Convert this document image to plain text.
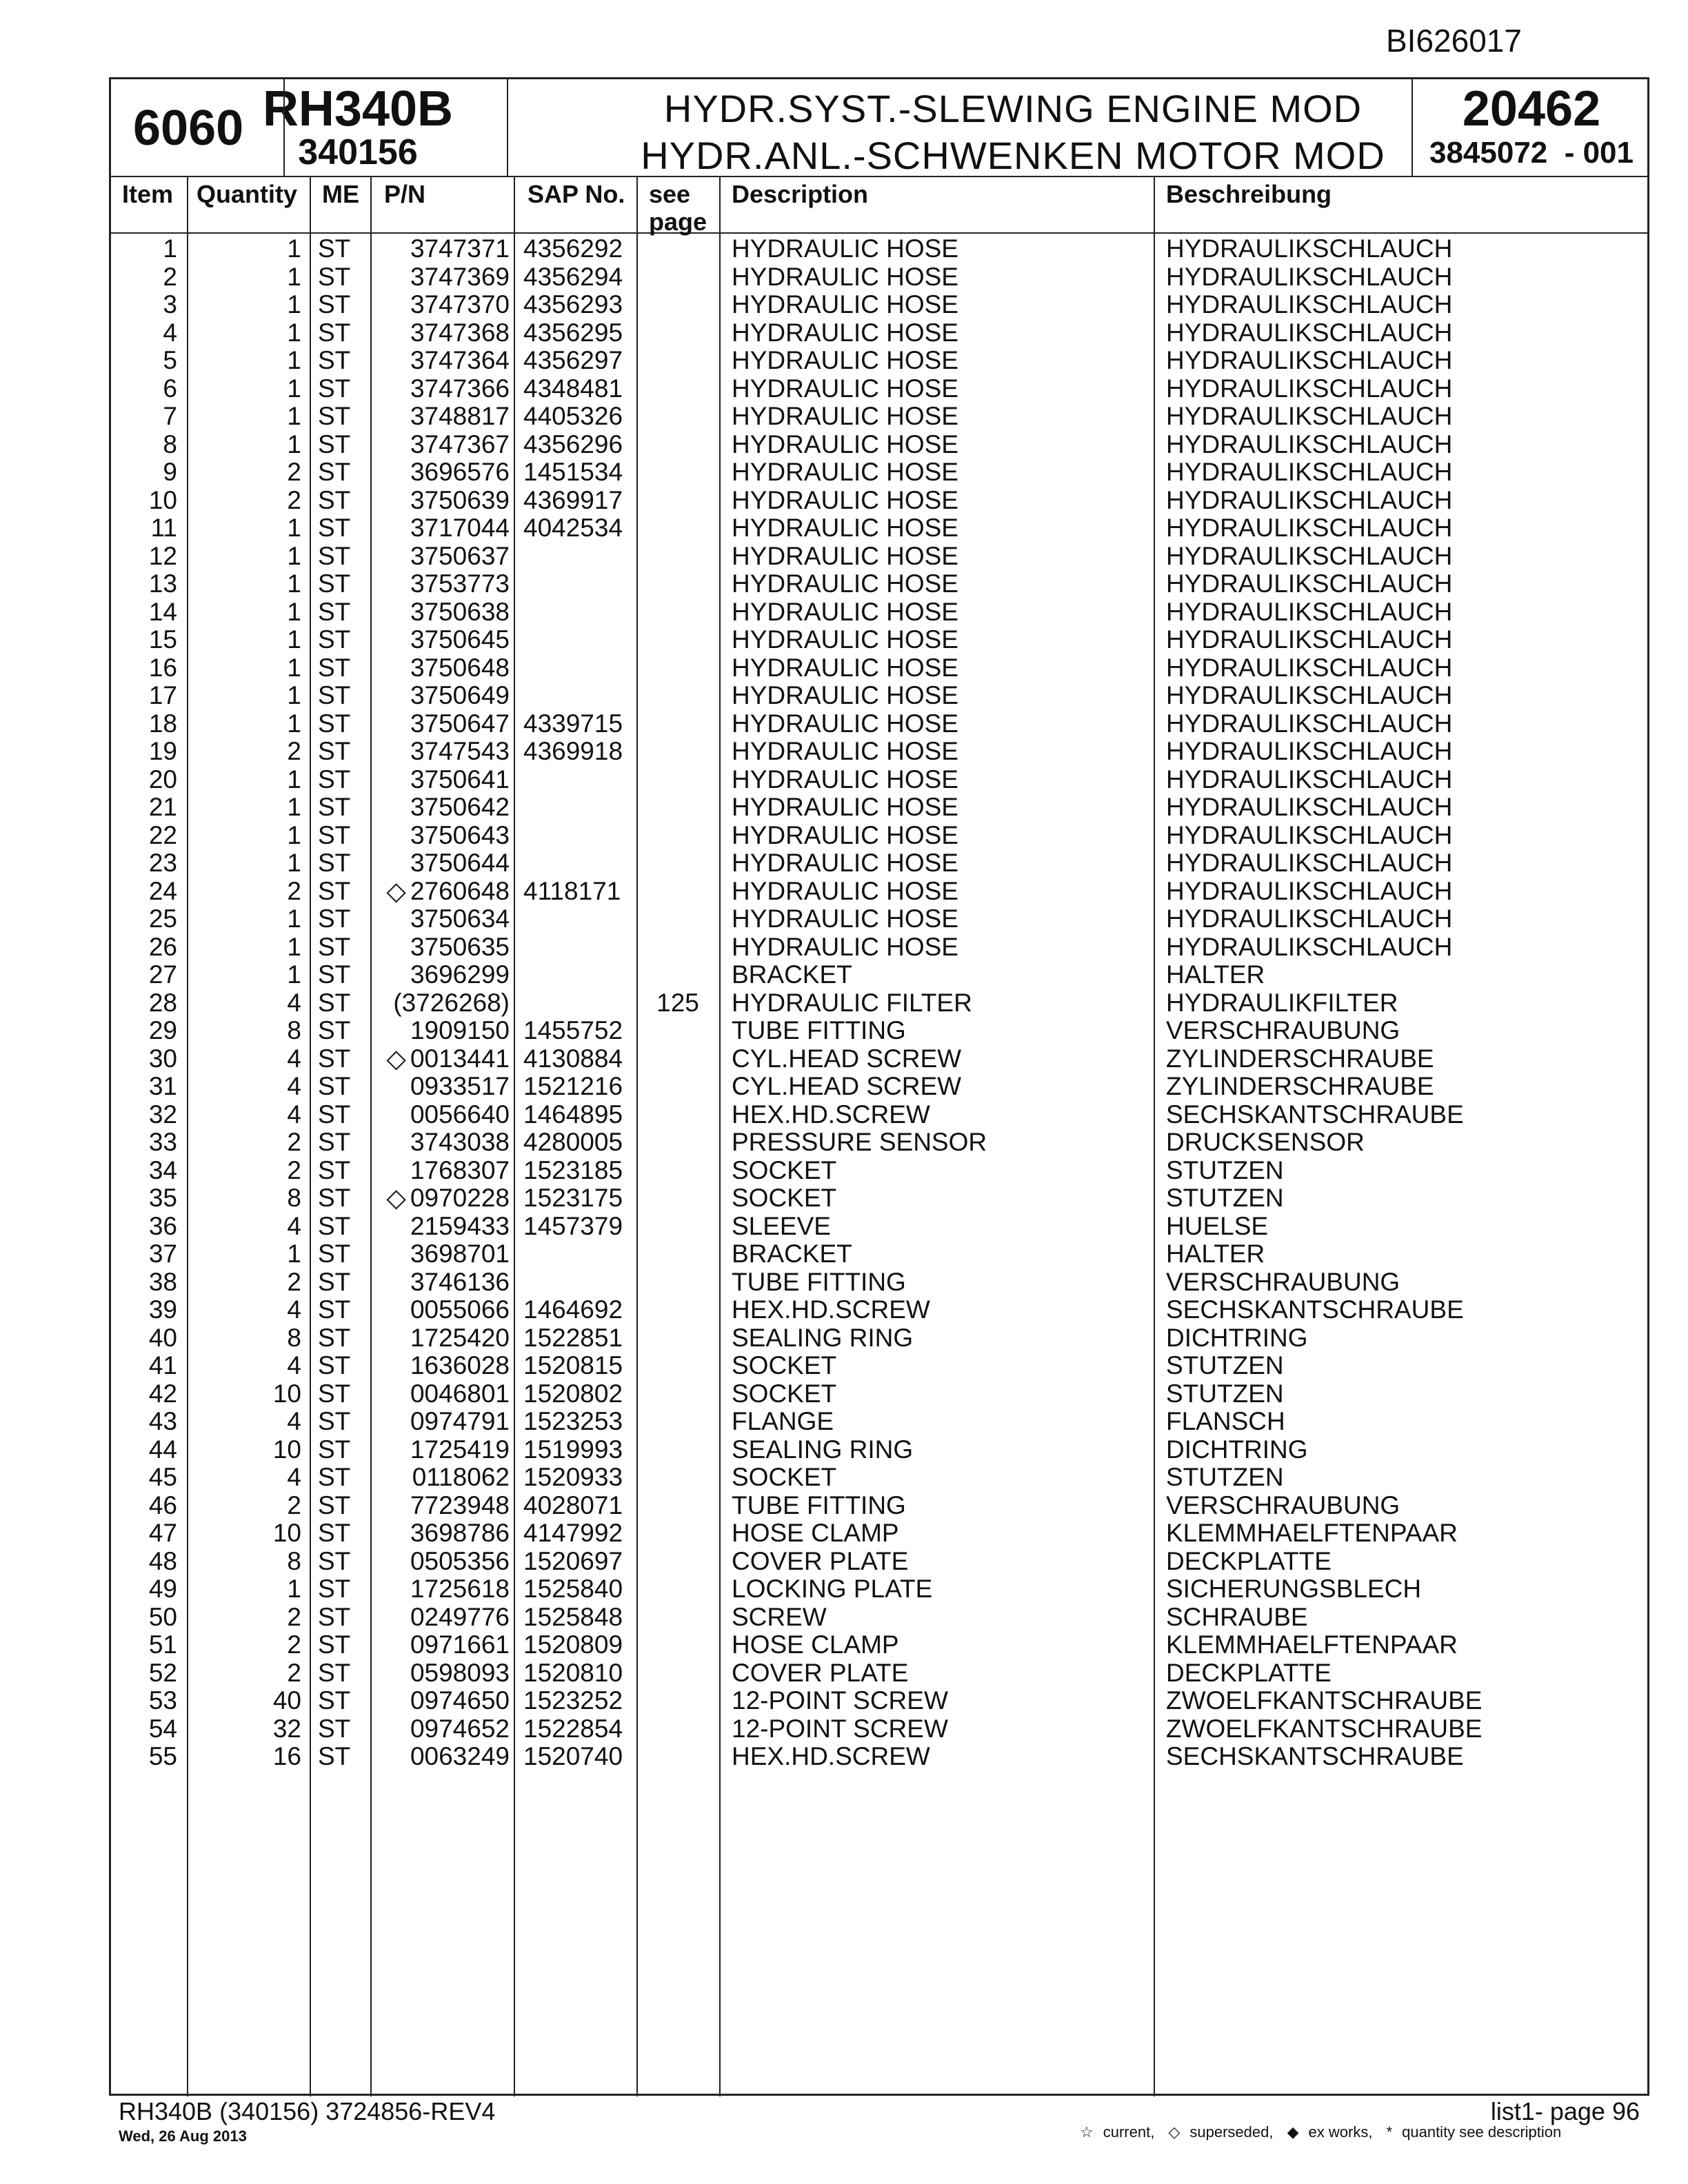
BI626017
6060 RH340B
340156
HYDR.SYST.-SLEWING ENGINE MOD
HYDR.ANL.-SCHWENKEN MOTOR MOD
20462
3845072  - 001
Item Quantity ME P/N	SAP No. see
page
Description	Beschreibung
1	1 ST	3747371 4356292	HYDRAULIC HOSE	HYDRAULIKSCHLAUCH
2	1 ST	3747369 4356294	HYDRAULIC HOSE	HYDRAULIKSCHLAUCH
3	1 ST	3747370 4356293	HYDRAULIC HOSE	HYDRAULIKSCHLAUCH
4	1 ST	3747368 4356295	HYDRAULIC HOSE	HYDRAULIKSCHLAUCH
5	1 ST	3747364 4356297	HYDRAULIC HOSE	HYDRAULIKSCHLAUCH
6	1 ST	3747366 4348481	HYDRAULIC HOSE	HYDRAULIKSCHLAUCH
7	1 ST	3748817 4405326	HYDRAULIC HOSE	HYDRAULIKSCHLAUCH
8	1 ST	3747367 4356296	HYDRAULIC HOSE	HYDRAULIKSCHLAUCH
9	2 ST	3696576 1451534	HYDRAULIC HOSE	HYDRAULIKSCHLAUCH
10	2 ST	3750639 4369917	HYDRAULIC HOSE	HYDRAULIKSCHLAUCH
11	1 ST	3717044 4042534	HYDRAULIC HOSE	HYDRAULIKSCHLAUCH
12	1 ST	3750637	HYDRAULIC HOSE	HYDRAULIKSCHLAUCH
13	1 ST	3753773	HYDRAULIC HOSE	HYDRAULIKSCHLAUCH
14	1 ST	3750638	HYDRAULIC HOSE	HYDRAULIKSCHLAUCH
15	1 ST	3750645	HYDRAULIC HOSE	HYDRAULIKSCHLAUCH
16	1 ST	3750648	HYDRAULIC HOSE	HYDRAULIKSCHLAUCH
17	1 ST	3750649	HYDRAULIC HOSE	HYDRAULIKSCHLAUCH
18	1 ST	3750647 4339715	HYDRAULIC HOSE	HYDRAULIKSCHLAUCH
19	2 ST	3747543 4369918	HYDRAULIC HOSE	HYDRAULIKSCHLAUCH
20	1 ST	3750641	HYDRAULIC HOSE	HYDRAULIKSCHLAUCH
21	1 ST	3750642	HYDRAULIC HOSE	HYDRAULIKSCHLAUCH
22	1 ST	3750643	HYDRAULIC HOSE	HYDRAULIKSCHLAUCH
23	1 ST	3750644	HYDRAULIC HOSE	HYDRAULIKSCHLAUCH
24	2 ST	◇ 2760648 4118171	HYDRAULIC HOSE	HYDRAULIKSCHLAUCH
25	1 ST	3750634	HYDRAULIC HOSE	HYDRAULIKSCHLAUCH
26	1 ST	3750635	HYDRAULIC HOSE	HYDRAULIKSCHLAUCH
27	1 ST	3696299	BRACKET	HALTER
28	4 ST	(3726268)	125	HYDRAULIC FILTER	HYDRAULIKFILTER
29	8 ST	1909150 1455752	TUBE FITTING	VERSCHRAUBUNG
30	4 ST	◇ 0013441 4130884	CYL.HEAD SCREW	ZYLINDERSCHRAUBE
31	4 ST	0933517 1521216	CYL.HEAD SCREW	ZYLINDERSCHRAUBE
32	4 ST	0056640 1464895	HEX.HD.SCREW	SECHSKANTSCHRAUBE
33	2 ST	3743038 4280005	PRESSURE SENSOR	DRUCKSENSOR
34	2 ST	1768307 1523185	SOCKET	STUTZEN
35	8 ST	◇ 0970228 1523175	SOCKET	STUTZEN
36	4 ST	2159433 1457379	SLEEVE	HUELSE
37	1 ST	3698701	BRACKET	HALTER
38	2 ST	3746136	TUBE FITTING	VERSCHRAUBUNG
39	4 ST	0055066 1464692	HEX.HD.SCREW	SECHSKANTSCHRAUBE
40	8 ST	1725420 1522851	SEALING RING	DICHTRING
41	4 ST	1636028 1520815	SOCKET	STUTZEN
42	10 ST	0046801 1520802	SOCKET	STUTZEN
43	4 ST	0974791 1523253	FLANGE	FLANSCH
44	10 ST	1725419 1519993	SEALING RING	DICHTRING
45	4 ST	0118062 1520933	SOCKET	STUTZEN
46	2 ST	7723948 4028071	TUBE FITTING	VERSCHRAUBUNG
47	10 ST	3698786 4147992	HOSE CLAMP	KLEMMHAELFTENPAAR
48	8 ST	0505356 1520697	COVER PLATE	DECKPLATTE
49	1 ST	1725618 1525840	LOCKING PLATE	SICHERUNGSBLECH
50	2 ST	0249776 1525848	SCREW	SCHRAUBE
51	2 ST	0971661 1520809	HOSE CLAMP	KLEMMHAELFTENPAAR
52	2 ST	0598093 1520810	COVER PLATE	DECKPLATTE
53	40 ST	0974650 1523252	12-POINT SCREW	ZWOELFKANTSCHRAUBE
54	32 ST	0974652 1522854	12-POINT SCREW	ZWOELFKANTSCHRAUBE
55	16 ST	0063249 1520740	HEX.HD.SCREW	SECHSKANTSCHRAUBE
RH340B (340156) 3724856-REV4
Wed, 26 Aug 2013
list1- page 96
☆ current, ◇ superseded, ◆ ex works, * quantity see description
